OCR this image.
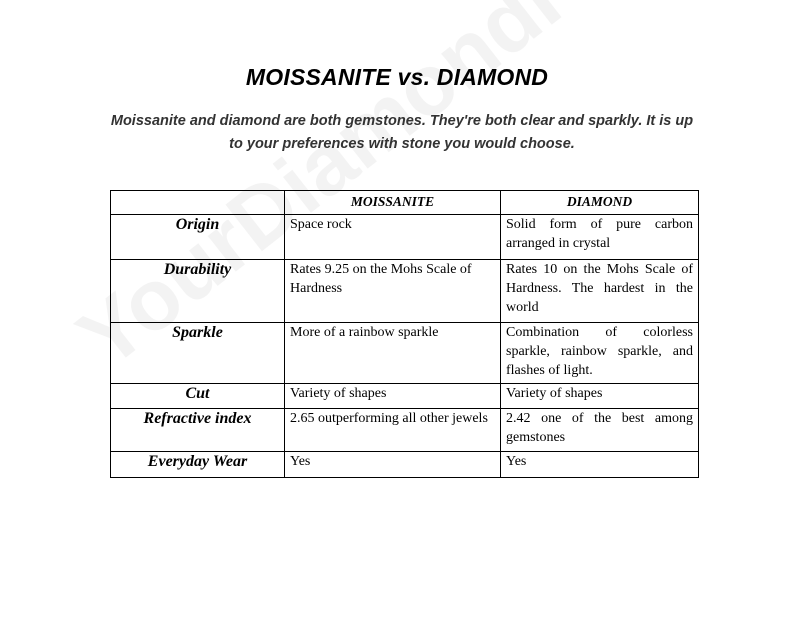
MOISSANITE vs. DIAMOND
Moissanite and diamond are both gemstones. They're both clear and sparkly. It is up to your preferences with stone you would choose.
	MOISSANITE	DIAMOND
Origin	Space rock	Solid form of pure carbon arranged in crystal
Durability	Rates 9.25 on the Mohs Scale of Hardness	Rates 10 on the Mohs Scale of Hardness. The hardest in the world
Sparkle	More of a rainbow sparkle	Combination of colorless sparkle, rainbow sparkle, and flashes of light.
Cut	Variety of shapes	Variety of shapes
Refractive index	2.65 outperforming all other jewels	2.42 one of the best among gemstones
Everyday Wear	Yes	Yes
